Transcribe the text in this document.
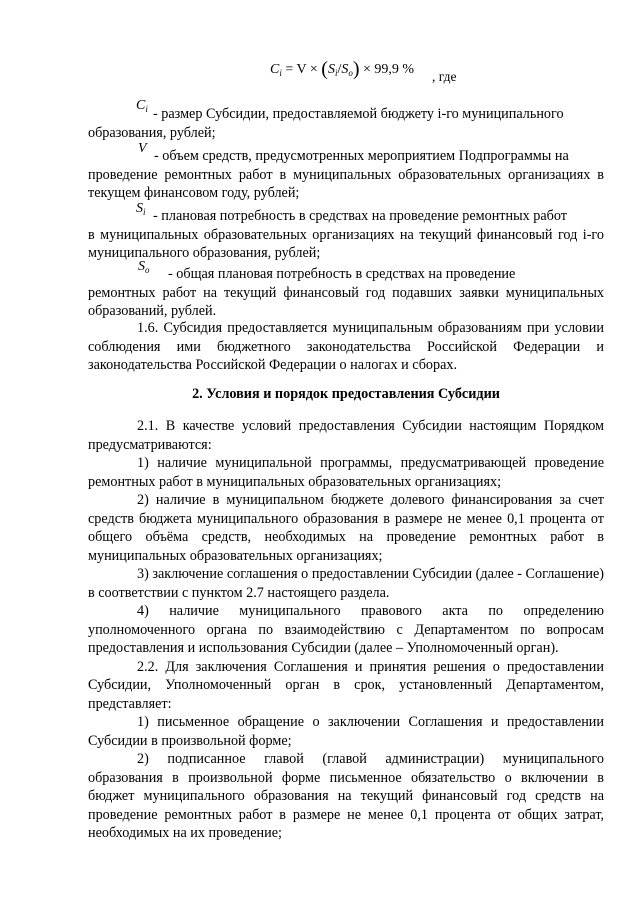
$C_i = V \times (S_i/S_o) \times 99,9$ % , где
$C_i$ - размер Субсидии, предоставляемой бюджету i-го муниципального

образования, рублей;

V - объем средств, предусмотренных мероприятием Подпрограммы на

проведение ремонтных работ в муниципальных образовательных организациях в текущем финансовом году, рублей;

$S_i$ - плановая потребность в средствах на проведение ремонтных работ

в муниципальных образовательных организациях на текущий финансовый год i-го муниципального образования, рублей;

$S_o$	- общая плановая потребность в средствах на проведение

ремонтных работ на текущий финансовый год подавших заявки муниципальных образований, рублей.

1.6. Субсидия предоставляется муниципальным образованиям при условии соблюдения ими бюджетного законодательства Российской Федерации и законодательства Российской Федерации о налогах и сборах.

2. Условия и порядок предоставления Субсидии

2.1. В качестве условий предоставления Субсидии настоящим Порядком предусматриваются:

1) наличие муниципальной программы, предусматривающей проведение ремонтных работ в муниципальных образовательных организациях;

2) наличие в муниципальном бюджете долевого финансирования за счет средств бюджета муниципального образования в размере не менее 0,1 процента от общего объёма средств, необходимых на проведение ремонтных работ в муниципальных образовательных организациях;

3) заключение соглашения о предоставлении Субсидии (далее - Соглашение) в соответствии с пунктом 2.7 настоящего раздела.

4) наличие муниципального правового акта по определению уполномоченного органа по взаимодействию с Департаментом по вопросам предоставления и использования Субсидии (далее – Уполномоченный орган).

2.2. Для заключения Соглашения и принятия решения о предоставлении Субсидии, Уполномоченный орган в срок, установленный Департаментом, представляет:

1) письменное обращение о заключении Соглашения и предоставлении Субсидии в произвольной форме;

2) подписанное главой (главой администрации) муниципального образования в произвольной форме письменное обязательство о включении в бюджет муниципального образования на текущий финансовый год средств на проведение ремонтных работ в размере не менее 0,1 процента от общих затрат, необходимых на их проведение;
